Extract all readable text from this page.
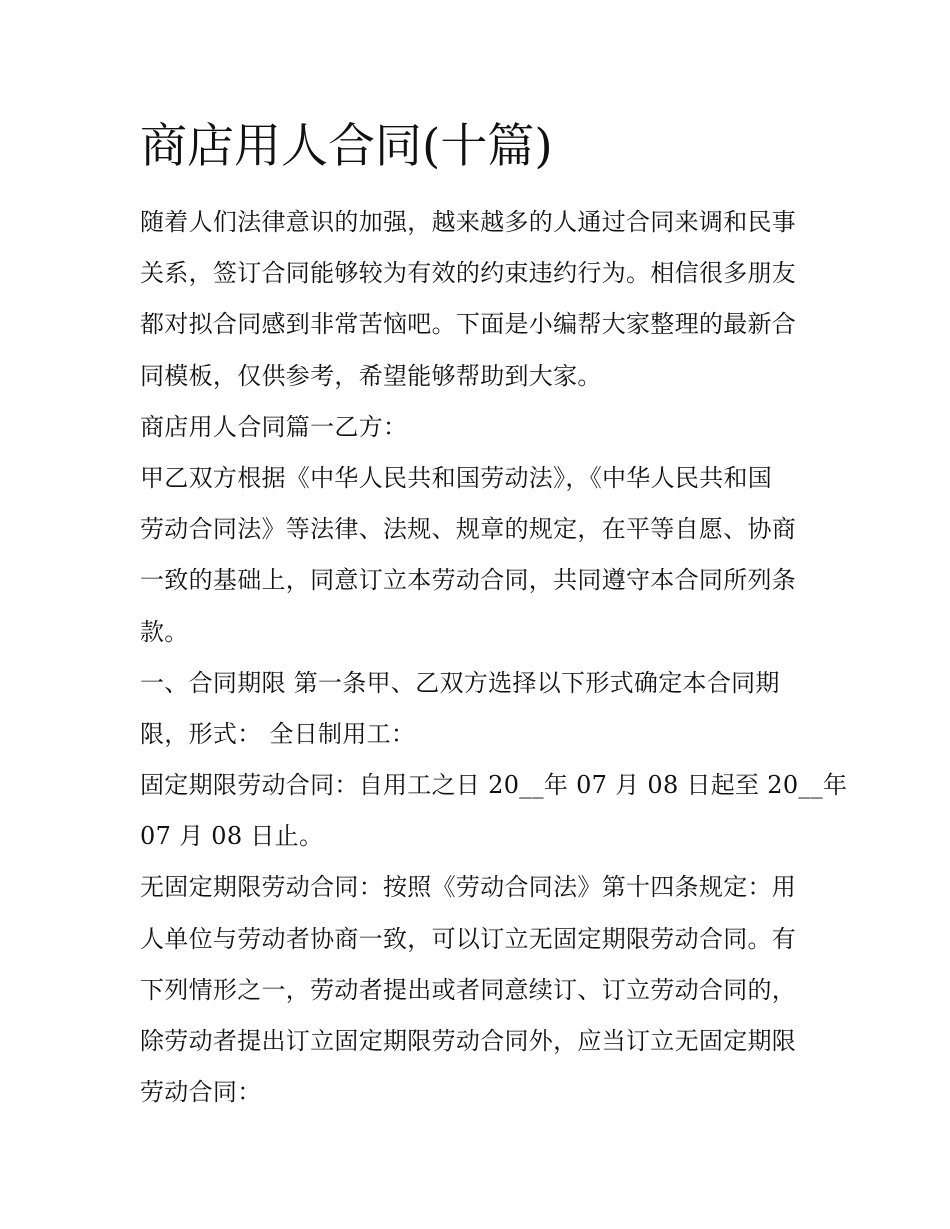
商店用人合同(十篇)
随着人们法律意识的加强，越来越多的人通过合同来调和民事
关系，签订合同能够较为有效的约束违约行为。相信很多朋友
都对拟合同感到非常苦恼吧。下面是小编帮大家整理的最新合
同模板，仅供参考，希望能够帮助到大家。
商店用人合同篇一乙方：
甲乙双方根据《中华人民共和国劳动法》，《中华人民共和国
劳动合同法》等法律、法规、规章的规定，在平等自愿、协商
一致的基础上，同意订立本劳动合同，共同遵守本合同所列条
款。
一、合同期限 第一条甲、乙双方选择以下形式确定本合同期
限，形式： 全日制用工：
固定期限劳动合同：自用工之日 20__年 07 月 08 日起至 20__年
07 月 08 日止。
无固定期限劳动合同：按照《劳动合同法》第十四条规定：用
人单位与劳动者协商一致，可以订立无固定期限劳动合同。有
下列情形之一，劳动者提出或者同意续订、订立劳动合同的，
除劳动者提出订立固定期限劳动合同外，应当订立无固定期限
劳动合同：
